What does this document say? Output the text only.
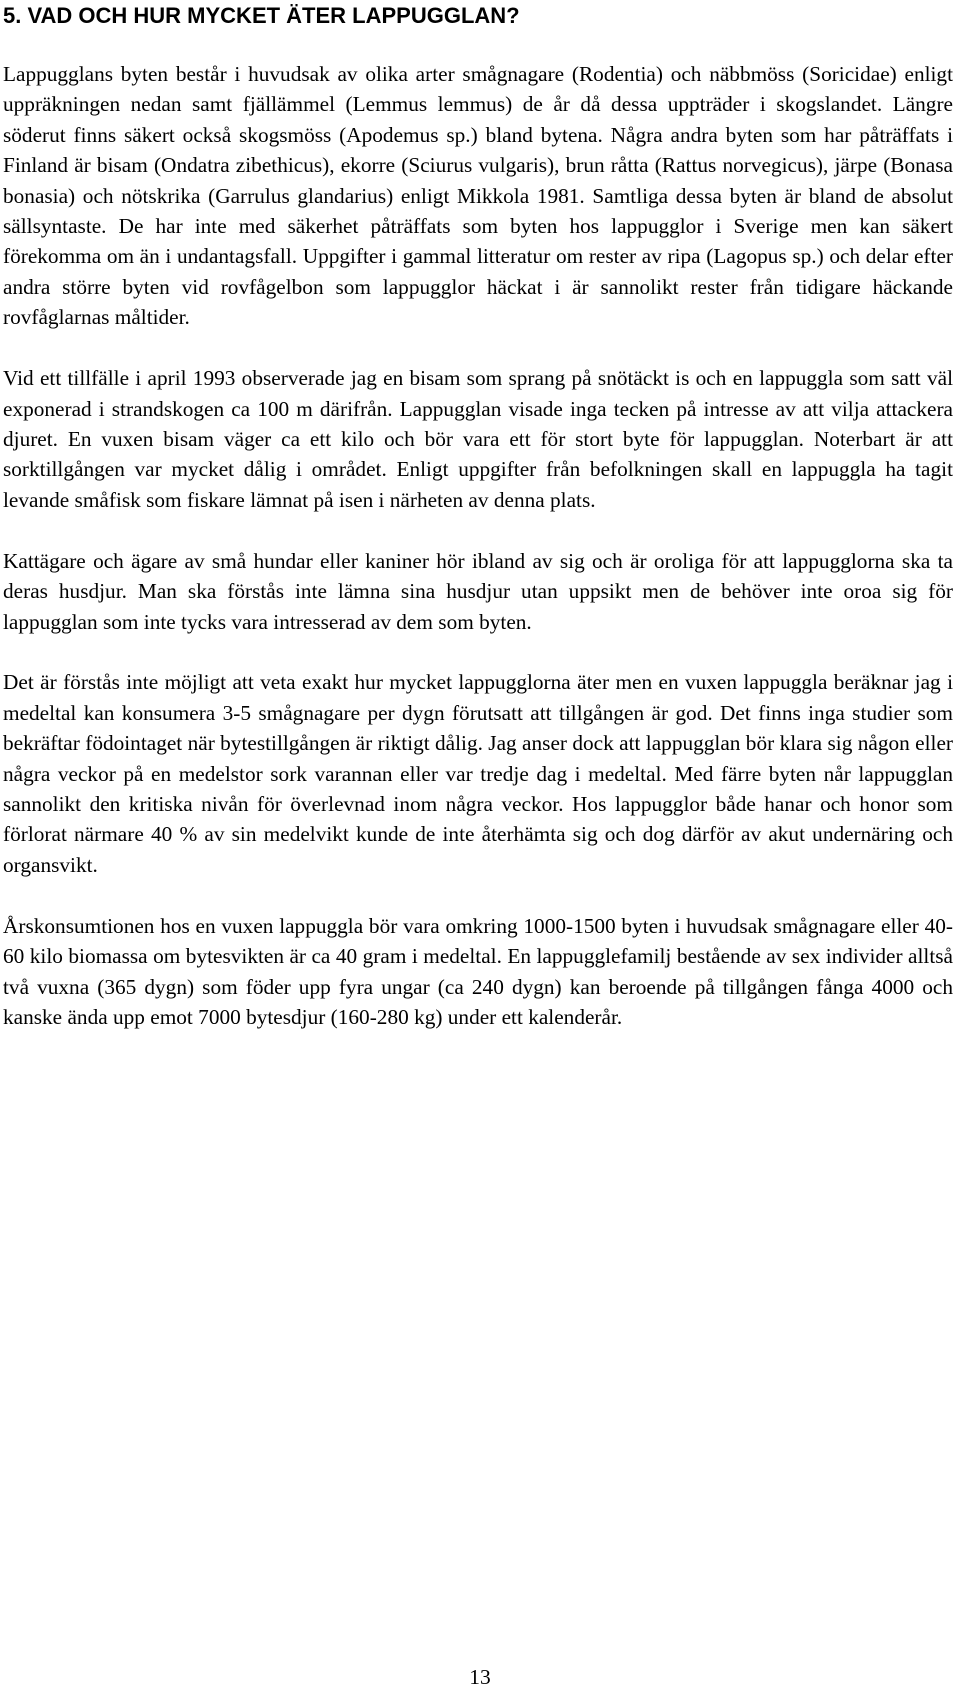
5. VAD OCH HUR MYCKET ÄTER LAPPUGGLAN?

Lappugglans byten består i huvudsak av olika arter smågnagare (Rodentia) och näbbmöss (Soricidae) enligt uppräkningen nedan samt fjällämmel (Lemmus lemmus) de år då dessa uppträder i skogslandet. Längre söderut finns säkert också skogsmöss (Apodemus sp.) bland bytena. Några andra byten som har påträffats i Finland är bisam (Ondatra zibethicus), ekorre (Sciurus vulgaris), brun råtta (Rattus norvegicus), järpe (Bonasa bonasia) och nötskrika (Garrulus glandarius) enligt Mikkola 1981. Samtliga dessa byten är bland de absolut sällsyntaste. De har inte med säkerhet påträffats som byten hos lappugglor i Sverige men kan säkert förekomma om än i undantagsfall. Uppgifter i gammal litteratur om rester av ripa (Lagopus sp.) och delar efter andra större byten vid rovfågelbon som lappugglor häckat i är sannolikt rester från tidigare häckande rovfåglarnas måltider.

Vid ett tillfälle i april 1993 observerade jag en bisam som sprang på snötäckt is och en lappuggla som satt väl exponerad i strandskogen ca 100 m därifrån. Lappugglan visade inga tecken på intresse av att vilja attackera djuret. En vuxen bisam väger ca ett kilo och bör vara ett för stort byte för lappugglan. Noterbart är att sorktillgången var mycket dålig i området. Enligt uppgifter från befolkningen skall en lappuggla ha tagit levande småfisk som fiskare lämnat på isen i närheten av denna plats.

Kattägare och ägare av små hundar eller kaniner hör ibland av sig och är oroliga för att lappugglorna ska ta deras husdjur. Man ska förstås inte lämna sina husdjur utan uppsikt men de behöver inte oroa sig för lappugglan som inte tycks vara intresserad av dem som byten.

Det är förstås inte möjligt att veta exakt hur mycket lappugglorna äter men en vuxen lappuggla beräknar jag i medeltal kan konsumera 3-5 smågnagare per dygn förutsatt att tillgången är god. Det finns inga studier som bekräftar födointaget när bytestillgången är riktigt dålig. Jag anser dock att lappugglan bör klara sig någon eller några veckor på en medelstor sork varannan eller var tredje dag i medeltal. Med färre byten når lappugglan sannolikt den kritiska nivån för överlevnad inom några veckor. Hos lappugglor både hanar och honor som förlorat närmare 40 % av sin medelvikt kunde de inte återhämta sig och dog därför av akut undernäring och organsvikt.

Årskonsumtionen hos en vuxen lappuggla bör vara omkring 1000-1500 byten i huvudsak smågnagare eller 40-60 kilo biomassa om bytesvikten är ca 40 gram i medeltal. En lappugglefamilj bestående av sex individer alltså två vuxna (365 dygn) som föder upp fyra ungar (ca 240 dygn) kan beroende på tillgången fånga 4000 och kanske ända upp emot 7000 bytesdjur (160-280 kg) under ett kalenderår.

13
